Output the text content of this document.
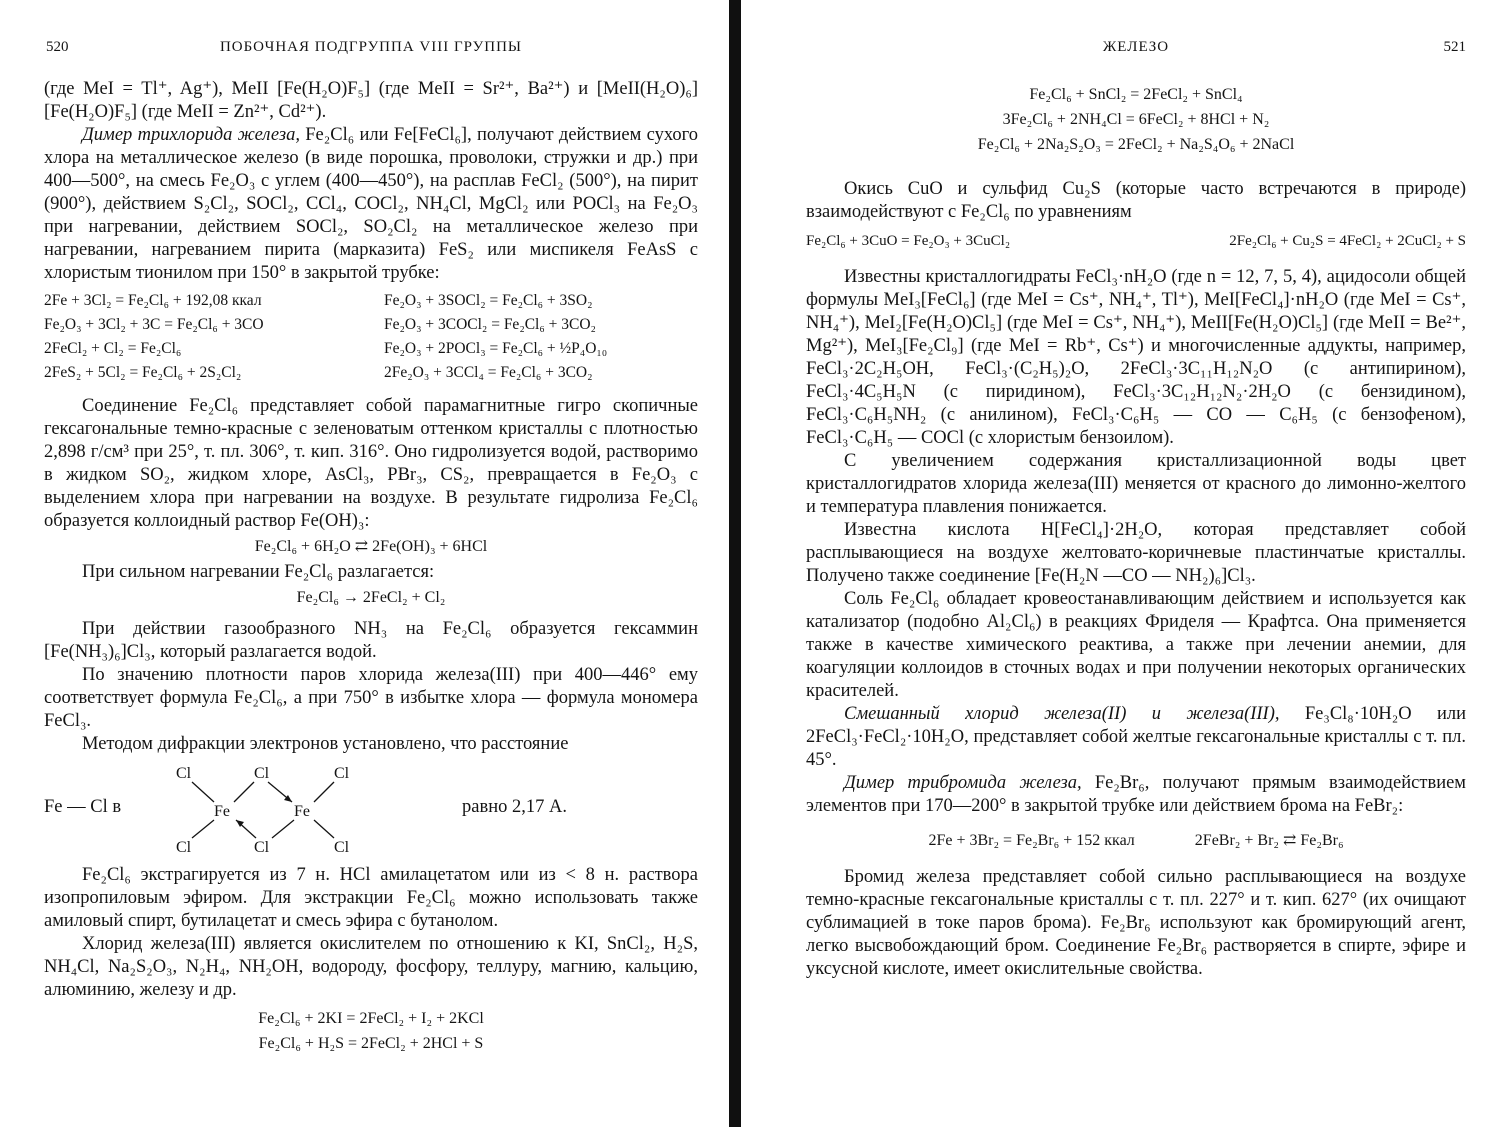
520	ПОБОЧНАЯ ПОДГРУППА VIII ГРУППЫ

(где MeI = Tl⁺, Ag⁺), MeII [Fe(H₂O)F₅] (где MeII = Sr²⁺, Ba²⁺) и [MeII(H₂O)₆][Fe(H₂O)F₅] (где MeII = Zn²⁺, Cd²⁺).

Димер трихлорида железа, Fe₂Cl₆ или Fe[FeCl₆], получают действием сухого хлора на металлическое железо (в виде порошка, проволоки, стружки и др.) при 400—500°, на смесь Fe₂O₃ с углем (400—450°), на расплав FeCl₂ (500°), на пирит (900°), действием S₂Cl₂, SOCl₂, CCl₄, COCl₂, NH₄Cl, MgCl₂ или POCl₃ на Fe₂O₃ при нагревании, действием SOCl₂, SO₂Cl₂ на металлическое железо при нагревании, нагреванием пирита (марказита) FeS₂ или миспикеля FeAsS с хлористым тионилом при 150° в закрытой трубке:

2Fe + 3Cl₂ = Fe₂Cl₆ + 192,08 ккал	Fe₂O₃ + 3SOCl₂ = Fe₂Cl₆ + 3SO₂
Fe₂O₃ + 3Cl₂ + 3C = Fe₂Cl₆ + 3CO	Fe₂O₃ + 3COCl₂ = Fe₂Cl₆ + 3CO₂
2FeCl₂ + Cl₂ = Fe₂Cl₆	Fe₂O₃ + 2POCl₃ = Fe₂Cl₆ + ½P₄O₁₀
2FeS₂ + 5Cl₂ = Fe₂Cl₆ + 2S₂Cl₂	2Fe₂O₃ + 3CCl₄ = Fe₂Cl₆ + 3CO₂

Соединение Fe₂Cl₆ представляет собой парамагнитные гигро скопичные гексагональные темно-красные с зеленоватым оттенком кристаллы с плотностью 2,898 г/см³ при 25°, т. пл. 306°, т. кип. 316°. Оно гидролизуется водой, растворимо в жидком SO₂, жидком хлоре, AsCl₃, PBr₃, CS₂, превращается в Fe₂O₃ с выделением хлора при нагревании на воздухе. В результате гидролиза Fe₂Cl₆ образуется коллоидный раствор Fe(OH)₃:

Fe₂Cl₆ + 6H₂O ⇄ 2Fe(OH)₃ + 6HCl

При сильном нагревании Fe₂Cl₆ разлагается:

Fe₂Cl₆ → 2FeCl₂ + Cl₂

При действии газообразного NH₃ на Fe₂Cl₆ образуется гексаммин [Fe(NH₃)₆]Cl₃, который разлагается водой.

По значению плотности паров хлорида железа(III) при 400—446° ему соответствует формула Fe₂Cl₆, а при 750° в избытке хлора — формула мономера FeCl₃.

Методом дифракции электронов установлено, что расстояние

Fe — Cl в
Cl	Cl	Cl
Fe	Fe
Cl	Cl	Cl
равно 2,17 А.

Fe₂Cl₆ экстрагируется из 7 н. HCl амилацетатом или из < 8 н. раствора изопропиловым эфиром. Для экстракции Fe₂Cl₆ можно использовать также амиловый спирт, бутилацетат и смесь эфира с бутанолом.

Хлорид железа(III) является окислителем по отношению к KI, SnCl₂, H₂S, NH₄Cl, Na₂S₂O₃, N₂H₄, NH₂OH, водороду, фосфору, теллуру, магнию, кальцию, алюминию, железу и др.

Fe₂Cl₆ + 2KI = 2FeCl₂ + I₂ + 2KCl
Fe₂Cl₆ + H₂S = 2FeCl₂ + 2HCl + S
ЖЕЛЕЗО	521
Fe₂Cl₆ + SnCl₂ = 2FeCl₂ + SnCl₄
3Fe₂Cl₆ + 2NH₄Cl = 6FeCl₂ + 8HCl + N₂
Fe₂Cl₆ + 2Na₂S₂O₃ = 2FeCl₂ + Na₂S₄O₆ + 2NaCl

Окись CuO и сульфид Cu₂S (которые часто встречаются в природе) взаимодействуют с Fe₂Cl₆ по уравнениям

Fe₂Cl₆ + 3CuO = Fe₂O₃ + 3CuCl₂	2Fe₂Cl₆ + Cu₂S = 4FeCl₂ + 2CuCl₂ + S

Известны кристаллогидраты FeCl₃·nH₂O (где n = 12, 7, 5, 4), ацидосоли общей формулы MeI₃[FeCl₆] (где MeI = Cs⁺, NH₄⁺, Tl⁺), MeI[FeCl₄]·nH₂O (где MeI = Cs⁺, NH₄⁺), MeI₂[Fe(H₂O)Cl₅] (где MeI = Cs⁺, NH₄⁺), MeII[Fe(H₂O)Cl₅] (где MeII = Be²⁺, Mg²⁺), MeI₃[Fe₂Cl₉] (где MeI = Rb⁺, Cs⁺) и многочисленные аддукты, например, FeCl₃·2C₂H₅OH, FeCl₃·(C₂H₅)₂O, 2FeCl₃·3C₁₁H₁₂N₂O (с антипирином), FeCl₃·4C₅H₅N (с пиридином), FeCl₃·3C₁₂H₁₂N₂·2H₂O (с бензидином), FeCl₃·C₆H₅NH₂ (с анилином), FeCl₃·C₆H₅ — CO — C₆H₅ (с бензофеном), FeCl₃·C₆H₅ — COCl (с хлористым бензоилом).

С увеличением содержания кристаллизационной воды цвет кристаллогидратов хлорида железа(III) меняется от красного до лимонно-желтого и температура плавления понижается.

Известна кислота H[FeCl₄]·2H₂O, которая представляет собой расплывающиеся на воздухе желтовато-коричневые пластинчатые кристаллы. Получено также соединение [Fe(H₂N —CO — NH₂)₆]Cl₃.

Соль Fe₂Cl₆ обладает кровеостанавливающим действием и используется как катализатор (подобно Al₂Cl₆) в реакциях Фриделя — Крафтса. Она применяется также в качестве химического реактива, а также при лечении анемии, для коагуляции коллоидов в сточных водах и при получении некоторых органических красителей.

Смешанный хлорид железа(II) и железа(III), Fe₃Cl₈·10H₂O или 2FeCl₃·FeCl₂·10H₂O, представляет собой желтые гексагональные кристаллы с т. пл. 45°.

Димер трибромида железа, Fe₂Br₆, получают прямым взаимодействием элементов при 170—200° в закрытой трубке или действием брома на FeBr₂:

2Fe + 3Br₂ = Fe₂Br₆ + 152 ккал	2FeBr₂ + Br₂ ⇄ Fe₂Br₆

Бромид железа представляет собой сильно расплывающиеся на воздухе темно-красные гексагональные кристаллы с т. пл. 227° и т. кип. 627° (их очищают сублимацией в токе паров брома). Fe₂Br₆ используют как бромирующий агент, легко высвобождающий бром. Соединение Fe₂Br₆ растворяется в спирте, эфире и уксусной кислоте, имеет окислительные свойства.
